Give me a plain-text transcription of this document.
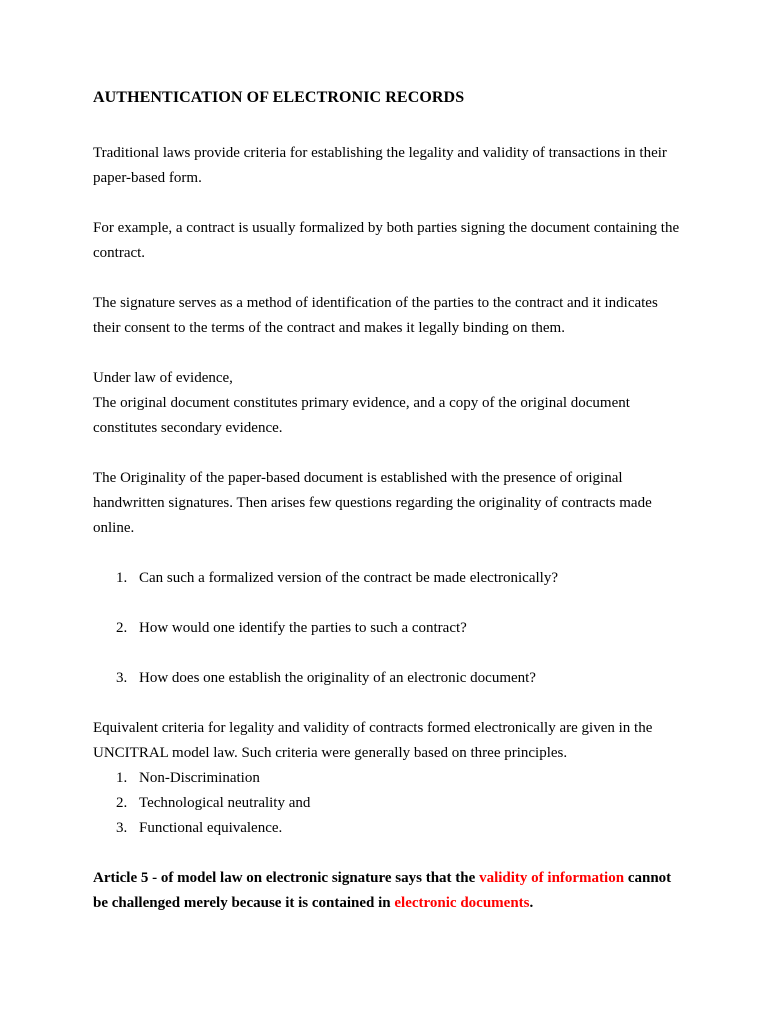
AUTHENTICATION OF ELECTRONIC RECORDS

Traditional laws provide criteria for establishing the legality and validity of transactions in their paper-based form.

For example, a contract is usually formalized by both parties signing the document containing the contract.

The signature serves as a method of identification of the parties to the contract and it indicates their consent to the terms of the contract and makes it legally binding on them.

Under law of evidence,

The original document constitutes primary evidence, and a copy of the original document constitutes secondary evidence.

The Originality of the paper-based document is established with the presence of original handwritten signatures. Then arises few questions regarding the originality of contracts made online.

1. Can such a formalized version of the contract be made electronically?
2. How would one identify the parties to such a contract?
3. How does one establish the originality of an electronic document?

Equivalent criteria for legality and validity of contracts formed electronically are given in the UNCITRAL model law. Such criteria were generally based on three principles.

1. Non-Discrimination
2. Technological neutrality and
3. Functional equivalence.

Article 5 - of model law on electronic signature says that the validity of information cannot be challenged merely because it is contained in electronic documents.
